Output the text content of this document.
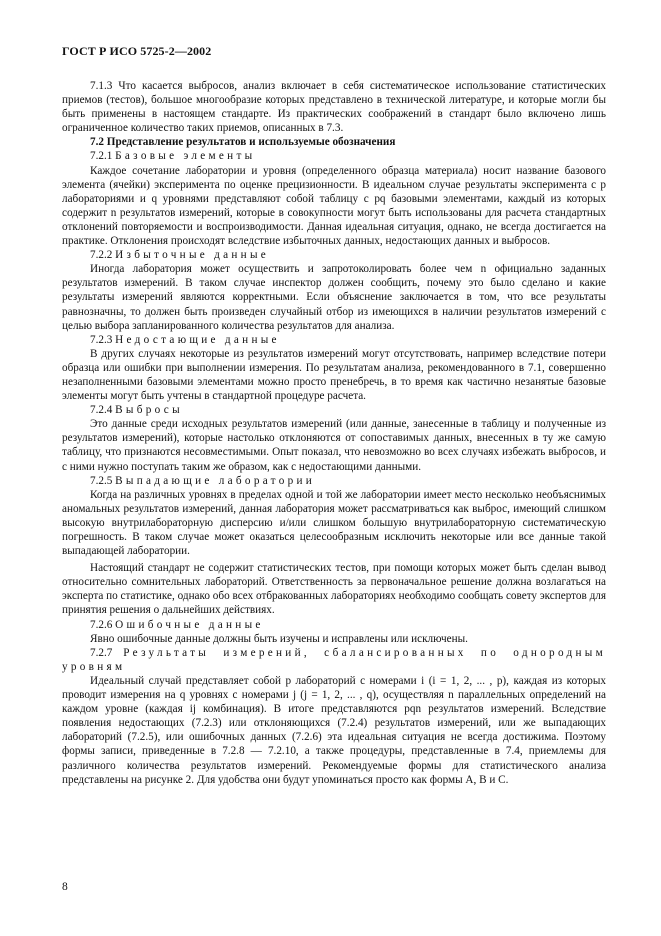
ГОСТ Р ИСО 5725-2—2002

7.1.3 Что касается выбросов, анализ включает в себя систематическое использование статистических приемов (тестов), большое многообразие которых представлено в технической литературе, и которые могли бы быть применены в настоящем стандарте. Из практических соображений в стандарт было включено лишь ограниченное количество таких приемов, описанных в 7.3.

7.2 Представление результатов и используемые обозначения

7.2.1 Базовые элементы

Каждое сочетание лаборатории и уровня (определенного образца материала) носит название базового элемента (ячейки) эксперимента по оценке прецизионности. В идеальном случае результаты эксперимента с p лабораториями и q уровнями представляют собой таблицу с pq базовыми элементами, каждый из которых содержит n результатов измерений, которые в совокупности могут быть использованы для расчета стандартных отклонений повторяемости и воспроизводимости. Данная идеальная ситуация, однако, не всегда достигается на практике. Отклонения происходят вследствие избыточных данных, недостающих данных и выбросов.

7.2.2 Избыточные данные

Иногда лаборатория может осуществить и запротоколировать более чем n официально заданных результатов измерений. В таком случае инспектор должен сообщить, почему это было сделано и какие результаты измерений являются корректными. Если объяснение заключается в том, что все результаты равнозначны, то должен быть произведен случайный отбор из имеющихся в наличии результатов измерений с целью выбора запланированного количества результатов для анализа.

7.2.3 Недостающие данные

В других случаях некоторые из результатов измерений могут отсутствовать, например вследствие потери образца или ошибки при выполнении измерения. По результатам анализа, рекомендованного в 7.1, совершенно незаполненными базовыми элементами можно просто пренебречь, в то время как частично незанятые базовые элементы могут быть учтены в стандартной процедуре расчета.

7.2.4 Выбросы

Это данные среди исходных результатов измерений (или данные, занесенные в таблицу и полученные из результатов измерений), которые настолько отклоняются от сопоставимых данных, внесенных в ту же самую таблицу, что признаются несовместимыми. Опыт показал, что невозможно во всех случаях избежать выбросов, и с ними нужно поступать таким же образом, как с недостающими данными.

7.2.5 Выпадающие лаборатории

Когда на различных уровнях в пределах одной и той же лаборатории имеет место несколько необъяснимых аномальных результатов измерений, данная лаборатория может рассматриваться как выброс, имеющий слишком высокую внутрилабораторную дисперсию и/или слишком большую внутрилабораторную систематическую погрешность. В таком случае может оказаться целесообразным исключить некоторые или все данные такой выпадающей лаборатории.

Настоящий стандарт не содержит статистических тестов, при помощи которых может быть сделан вывод относительно сомнительных лабораторий. Ответственность за первоначальное решение должна возлагаться на эксперта по статистике, однако обо всех отбракованных лабораториях необходимо сообщать совету экспертов для принятия решения о дальнейших действиях.

7.2.6 Ошибочные данные

Явно ошибочные данные должны быть изучены и исправлены или исключены.

7.2.7 Результаты измерений, сбалансированных по однородным уровням

Идеальный случай представляет собой p лабораторий с номерами i (i = 1, 2, ... , p), каждая из которых проводит измерения на q уровнях с номерами j (j = 1, 2, ... , q), осуществляя n параллельных определений на каждом уровне (каждая ij комбинация). В итоге представляются pqn результатов измерений. Вследствие появления недостающих (7.2.3) или отклоняющихся (7.2.4) результатов измерений, или же выпадающих лабораторий (7.2.5), или ошибочных данных (7.2.6) эта идеальная ситуация не всегда достижима. Поэтому формы записи, приведенные в 7.2.8 — 7.2.10, а также процедуры, представленные в 7.4, приемлемы для различного количества результатов измерений. Рекомендуемые формы для статистического анализа представлены на рисунке 2. Для удобства они будут упоминаться просто как формы А, В и С.

8
